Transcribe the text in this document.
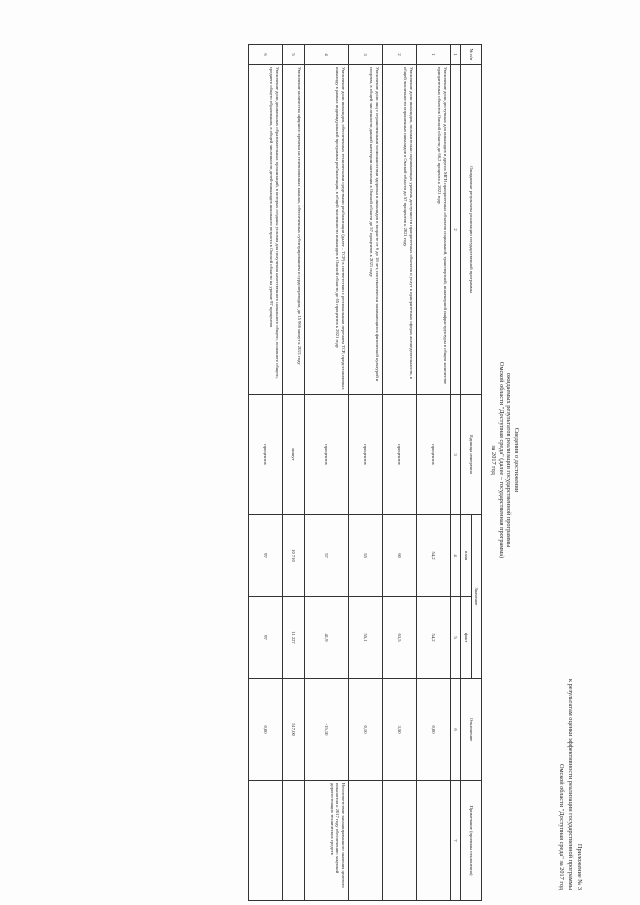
Приложение № 3
к результатам оценки эффективности реализации государственной программы
Омской области "Доступная среда" за 2017 год
Сведения о достижении
ожидаемых результатов реализации государственной программы
Омской области "Доступная среда" (далее – государственная программа)
за 2017 год
№ п/п	Ожидаемые результаты реализации государственной программы	Единица измерения	Значение		Отклонение	Примечание (причины отклонения)
			план	факт		
1	2	3	4	5	6	7
1	Увеличение доли доступных для инвалидов и других МГН приоритетных объектов социальной, транспортной, инженерной инфраструктуры в общем количестве приоритетных объектов Омской области до 68,2 процента к 2021 году	процентов	54,2	54,2	0,00	
2	Увеличение доли инвалидов, положительно оценивающих уровень доступности приоритетных объектов и услуг в приоритетных сферах жизнедеятельности, в общей численности опрошенных инвалидов в Омской области до 57 процентов к 2021 году	процентов	60	63,5	3,50	
3	Увеличение доли лиц с ограниченными возможностями здоровья и инвалидов в возрасте от 6 до 18 лет, систематически занимающихся физической культурой и спортом, в общей численности данной категории населения в Омской области до 57 процентов к 2021 году	процентов	55	55,1	0,10	
4	Увеличение доли инвалидов, обеспеченных техническими средствами реабилитации (далее – ТСР) в соответствии с региональным перечнем ТСР, предоставляемых инвалиду в рамках индивидуальной программы реабилитации, в общей численности инвалидов в Омской области до 65 процентов к 2021 году	процентов	57	41,9	-15,10	Несоответствие запланированного значения целевого показателя к 2017 году обеспечению закупкой дорогостоящих технических средств
5	Увеличение количества эфирного времени на телевизионных каналах, обеспеченных субтитрированием и сурдопереводом, до 15 966 минут к 2021 году	минут	10 710	11 227	517,00	
6	Увеличение доли дошкольных образовательных организаций, в которых созданы условия для получения качественного начального общего, основного общего, среднего общего образования, в общей численности детей-инвалидов школьного возраста в Омской области на уровне 97 процентов	процентов	97	97	0,00	
